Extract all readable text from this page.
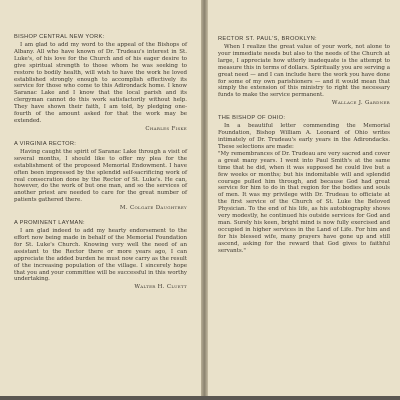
BISHOP CENTRAL NEW YORK:

I am glad to add my word to the appeal of the Bishops of Albany. All who have known of Dr. Trudeau's interest in St. Luke's, of his love for the Church and of his eager desire to give spiritual strength to those whom he was seeking to restore to bodily health, will wish to have the work he loved established strongly enough to accomplish effectively its service for those who come to this Adirondack home. I know Saranac Lake and I know that the local parish and its clergyman cannot do this work satisfactorily without help. They have shown their faith, I am told, by pledging one-fourth of the amount asked for that the work may be extended.

Charles Fiske

A VIRGINIA RECTOR:

Having caught the spirit of Saranac Lake through a visit of several months, I should like to offer my plea for the establishment of the proposed Memorial Endowment. I have often been impressed by the splendid self-sacrificing work of real consecration done by the Rector of St. Luke's. He can, however, do the work of but one man, and so the services of another priest are needed to care for the great number of patients gathered there.

M. Colgate Daughtrey

A PROMINENT LAYMAN:

I am glad indeed to add my hearty endorsement to the effort now being made in behalf of the Memorial Foundation for St. Luke's Church. Knowing very well the need of an assistant to the Rector there or more years ago, I can appreciate the added burden he must now carry as the result of the increasing population of the village. I sincerely hope that you and your committee will be successful in this worthy undertaking.

Walter H. Cluett

RECTOR ST. PAUL'S, BROOKLYN:

When I realize the great value of your work, not alone to your immediate needs but also to the needs of the Church at large, I appreciate how utterly inadequate is the attempt to measure this in terms of dollars. Spiritually you are serving a great need — and I can include here the work you have done for some of my own parishioners — and it would mean that simply the extension of this ministry to right the necessary funds to make the service permanent.

Wallace J. Gardner

THE BISHOP OF OHIO:

In a beautiful letter commending the Memorial Foundation, Bishop William A. Leonard of Ohio writes intimately of Dr. Trudeau's early years in the Adirondacks. These selections are made:
"My remembrances of Dr. Trudeau are very sacred and cover a great many years. I went into Paul Smith's at the same time that he did, when it was supposed he could live but a few weeks or months; but his indomitable will and splendid courage pulled him through, and because God had great service for him to do in that region for the bodies and souls of men. It was my privilege with Dr. Trudeau to officiate at the first service of the Church of St. Luke the Beloved Physician. To the end of his life, as his autobiography shows very modestly, he continued his outside services for God and man. Surely his keen, bright mind is now fully exercised and occupied in higher services in the Land of Life. For him and for his blessed wife, many prayers have gone up and still ascend, asking for the reward that God gives to faithful servants."
